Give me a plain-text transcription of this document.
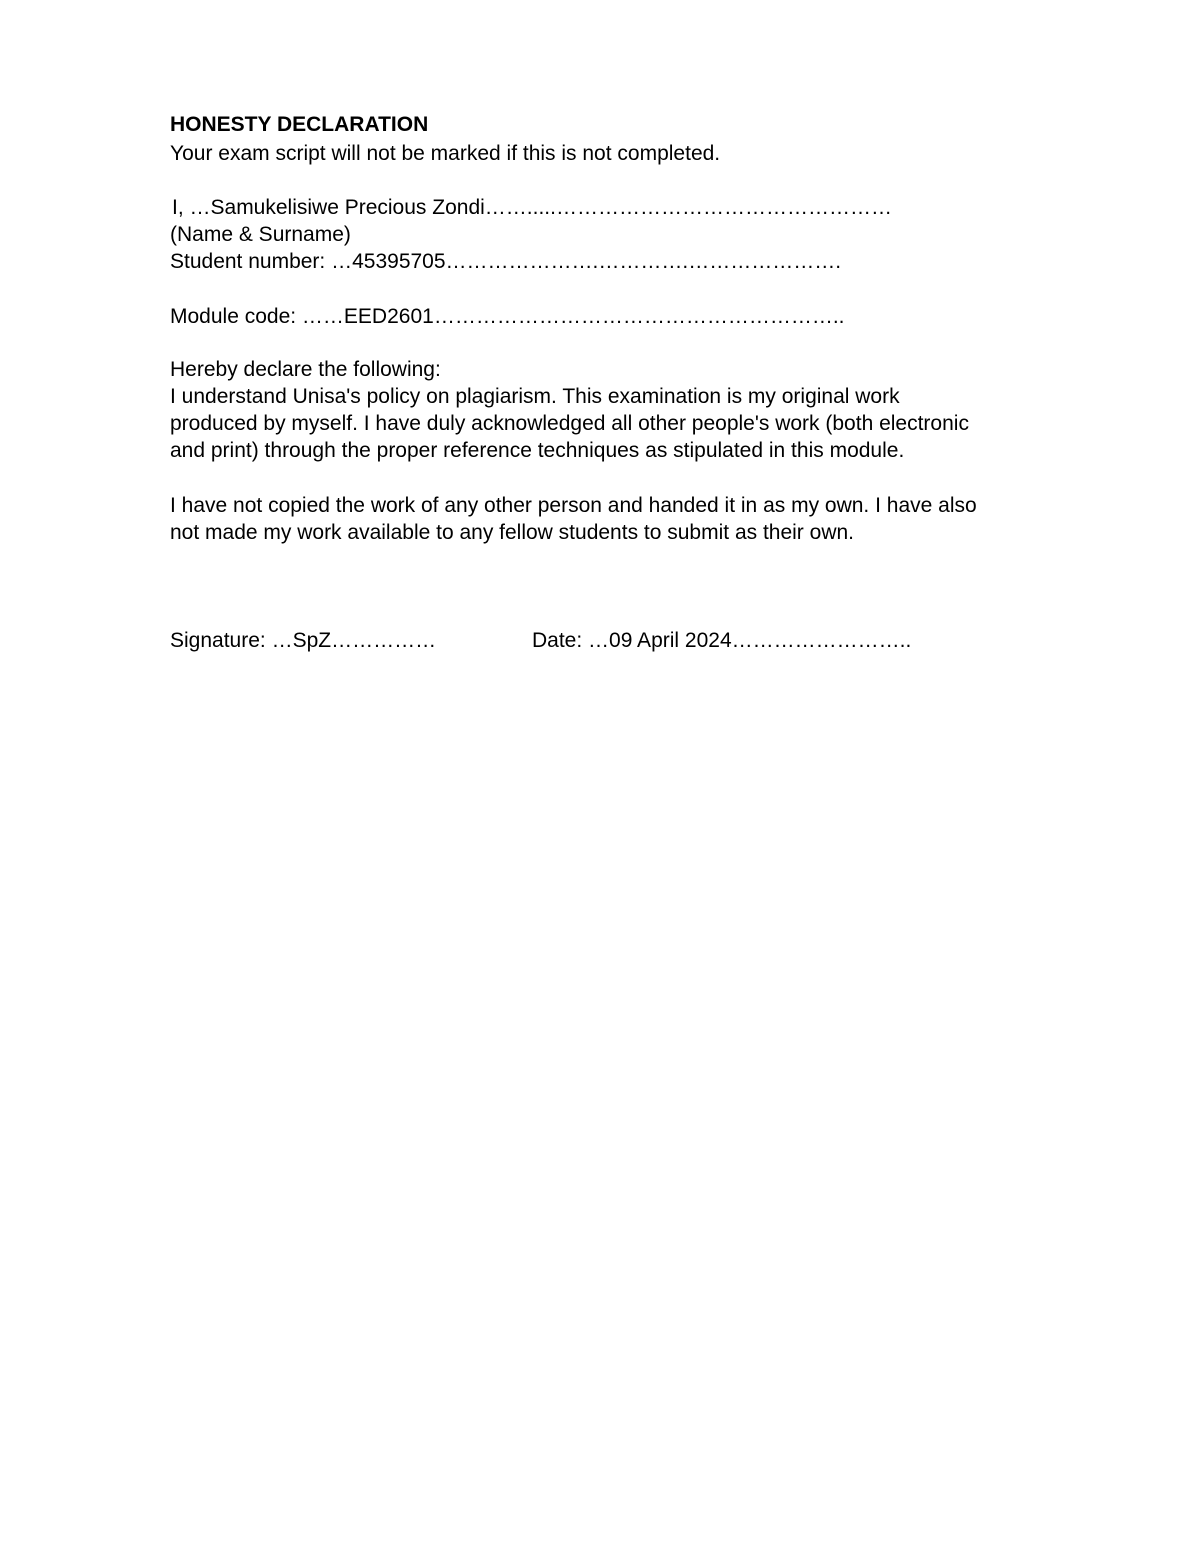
HONESTY DECLARATION
Your exam script will not be marked if this is not completed.
I, …Samukelisiwe Precious Zondi…….....…………………………………………
(Name & Surname)
Student number: …45395705………………….………….………………….
Module code: ……EED2601…………………………………………………..
Hereby declare the following:
I understand Unisa's policy on plagiarism. This examination is my original work
produced by myself. I have duly acknowledged all other people's work (both electronic
and print) through the proper reference techniques as stipulated in this module.
I have not copied the work of any other person and handed it in as my own. I have also
not made my work available to any fellow students to submit as their own.
Signature: …SpZ……………	Date: …09 April 2024……………………..
